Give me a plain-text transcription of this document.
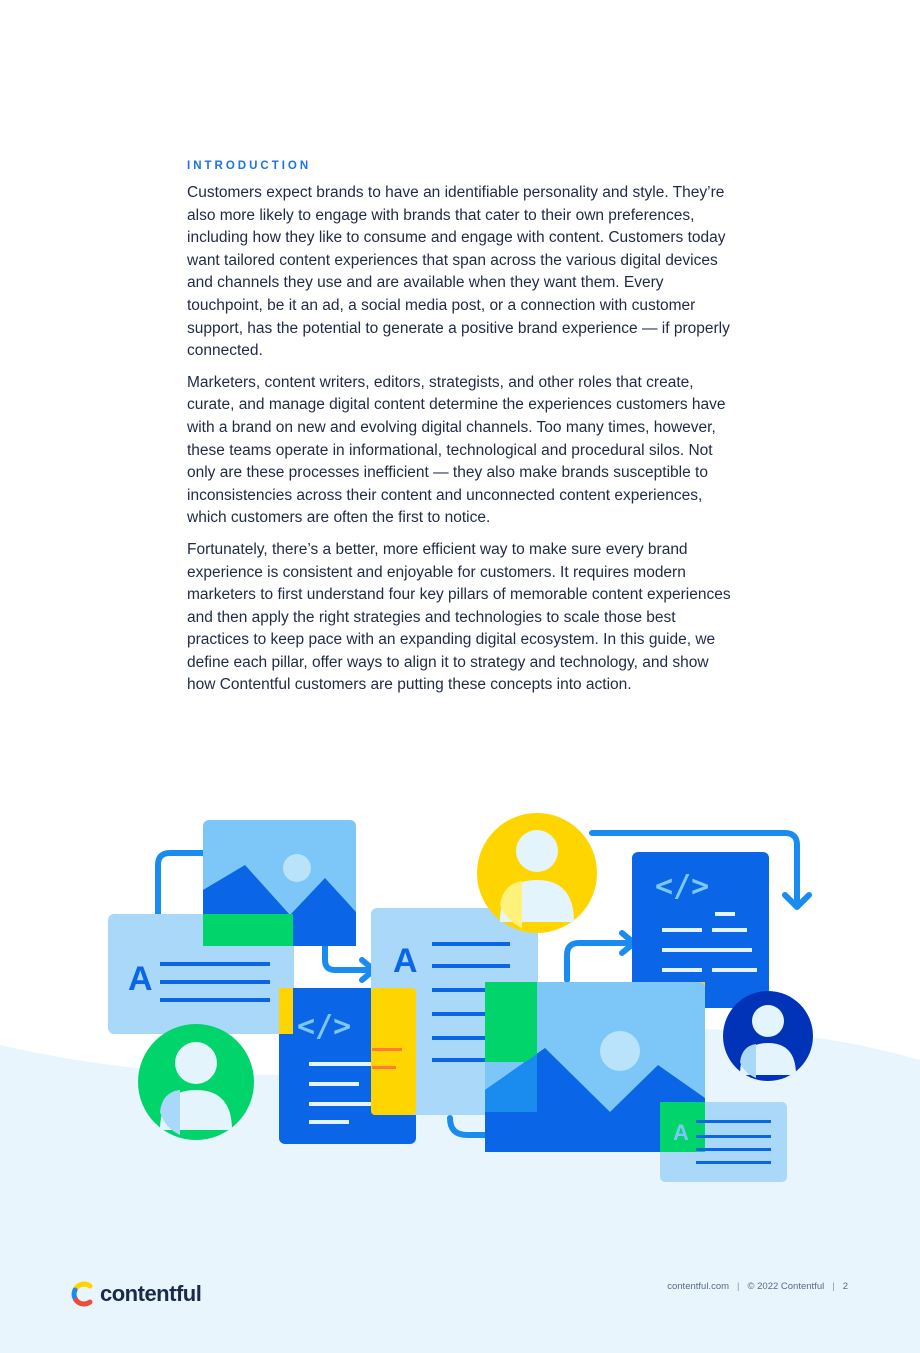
INTRODUCTION

Customers expect brands to have an identifiable personality and style. They’re also more likely to engage with brands that cater to their own preferences, including how they like to consume and engage with content. Customers today want tailored content experiences that span across the various digital devices and channels they use and are available when they want them. Every touchpoint, be it an ad, a social media post, or a connection with customer support, has the potential to generate a positive brand experience — if properly connected.

Marketers, content writers, editors, strategists, and other roles that create, curate, and manage digital content determine the experiences customers have with a brand on new and evolving digital channels. Too many times, however, these teams operate in informational, technological and procedural silos. Not only are these processes inefficient — they also make brands susceptible to inconsistencies across their content and unconnected content experiences, which customers are often the first to notice.

Fortunately, there’s a better, more efficient way to make sure every brand experience is consistent and enjoyable for customers. It requires modern marketers to first understand four key pillars of memorable content experiences and then apply the right strategies and technologies to scale those best practices to keep pace with an expanding digital ecosystem. In this guide, we define each pillar, offer ways to align it to strategy and technology, and show how Contentful customers are putting these concepts into action.

A
</>
A
</>
A
contentful	contentful.com | © 2022 Contentful | 2
